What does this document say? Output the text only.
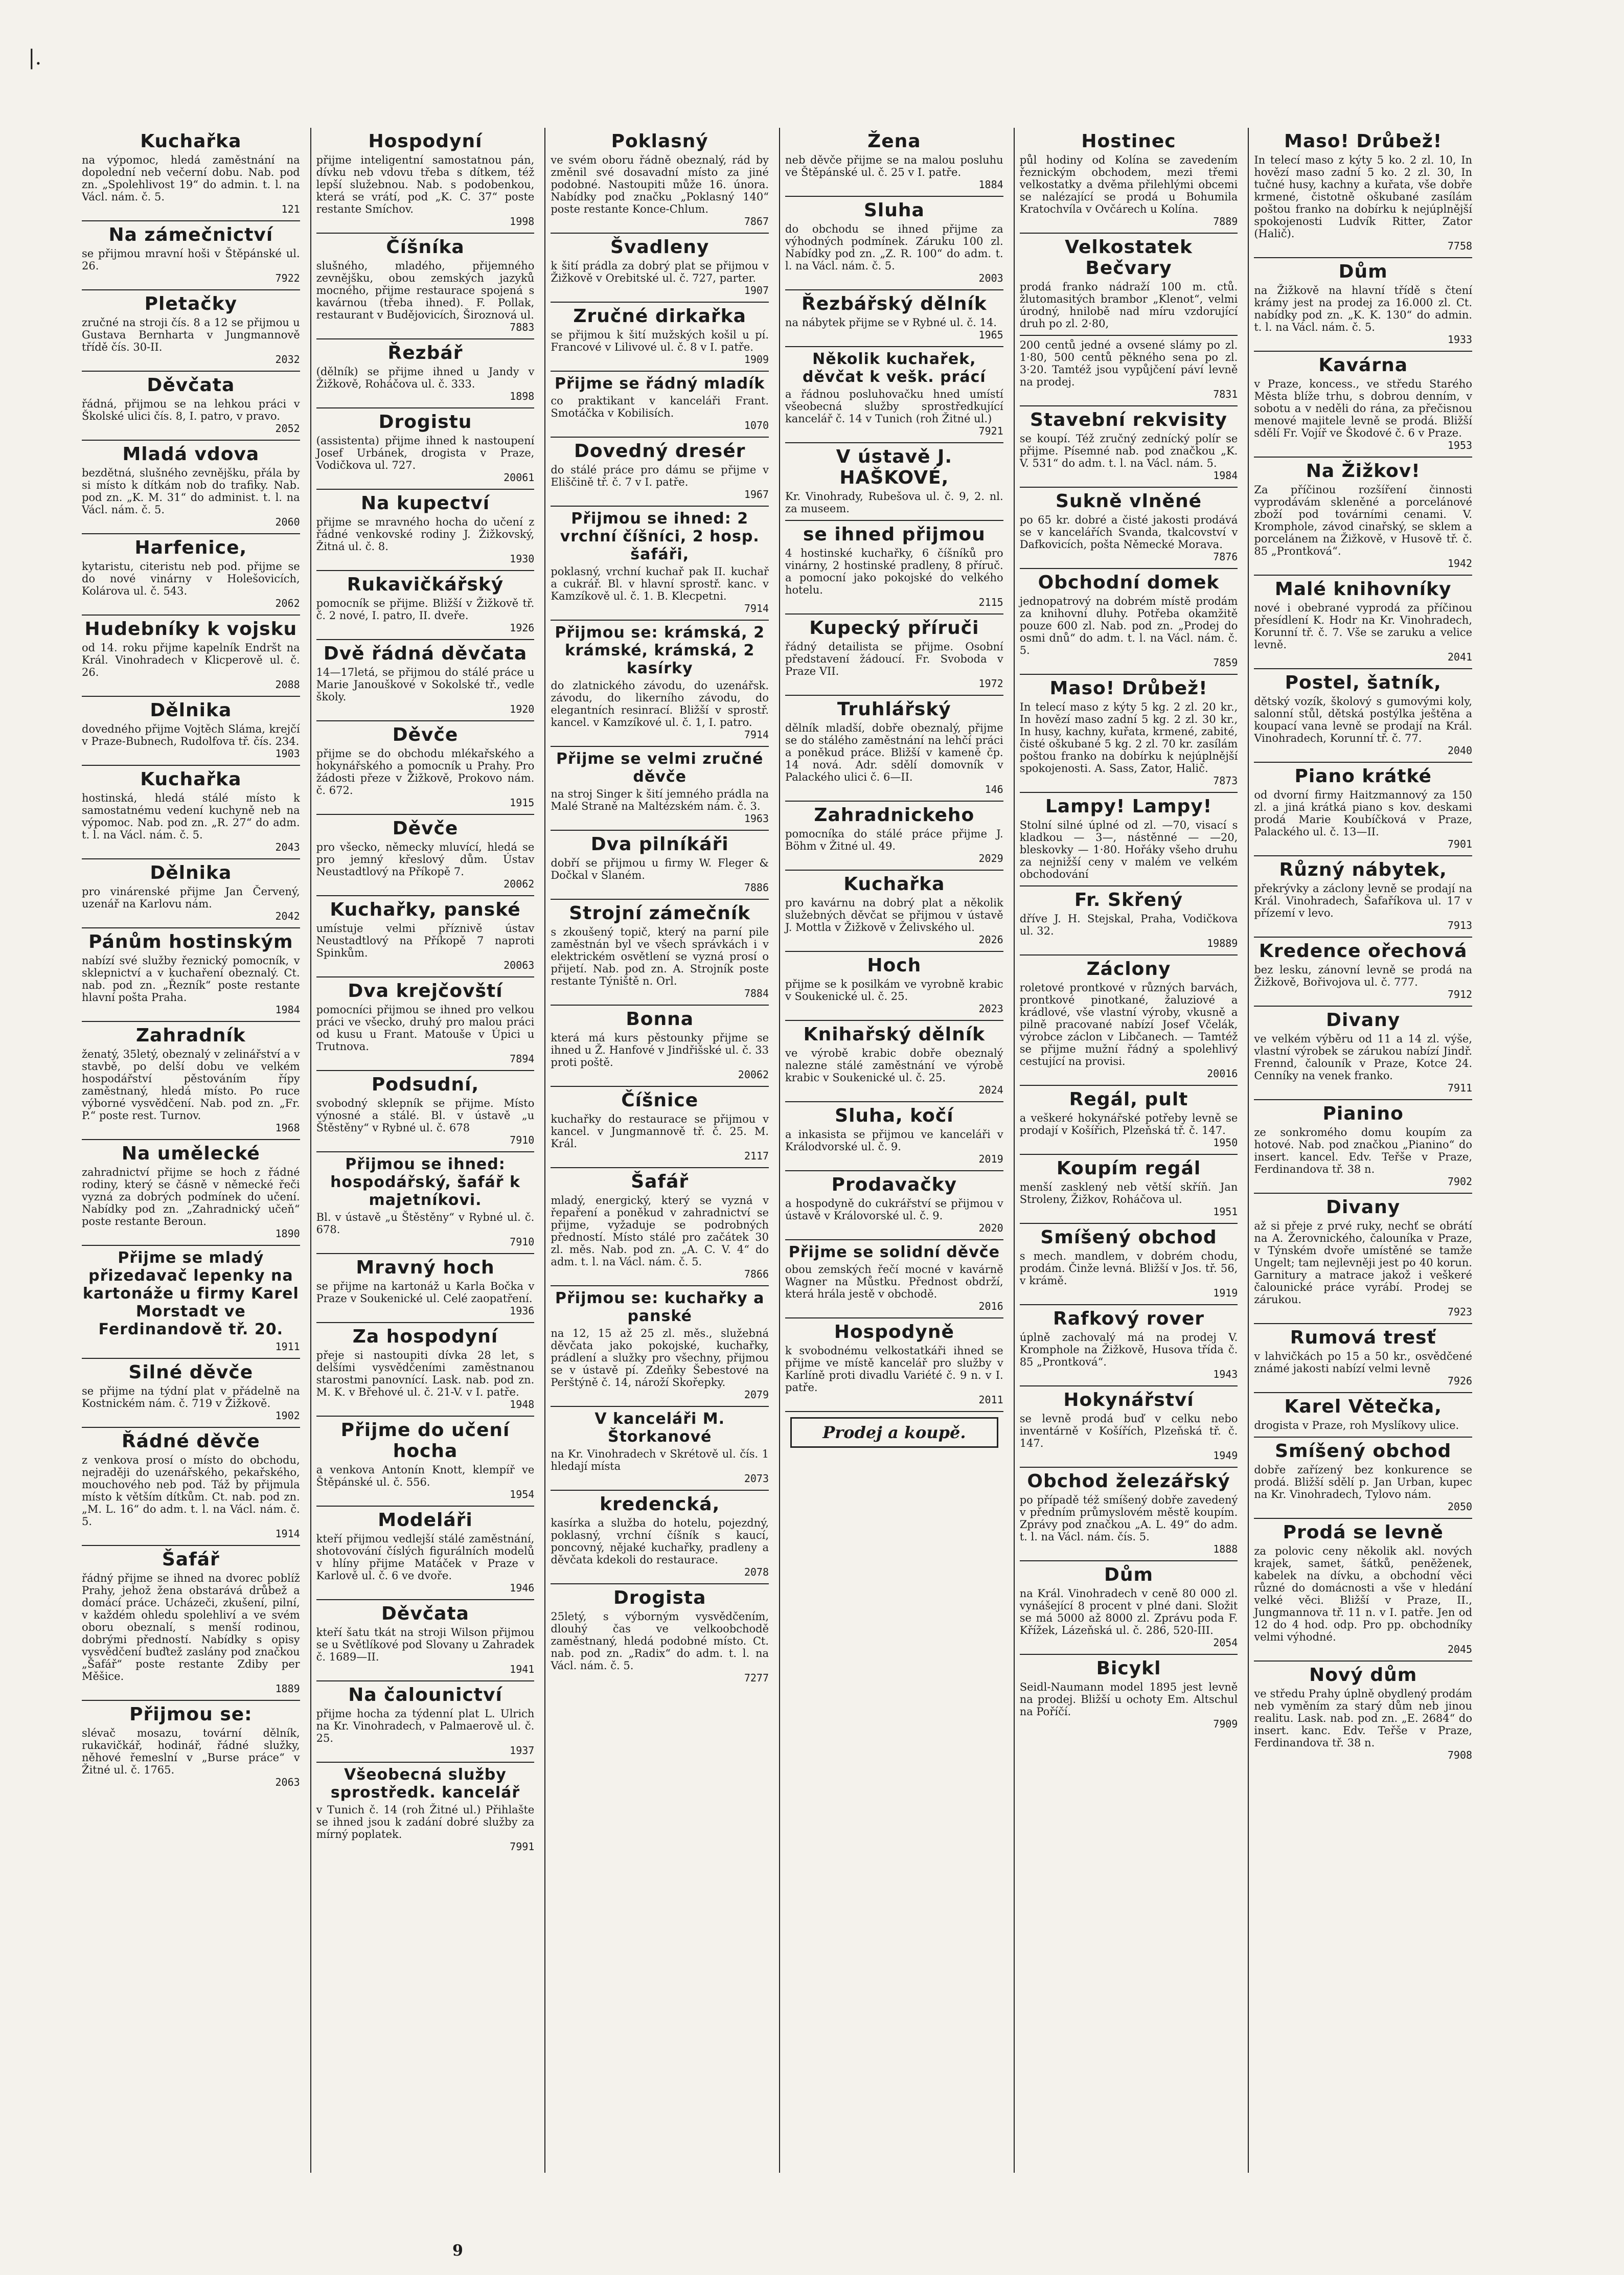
|.
Kuchařka
na výpomoc, hledá zaměstnání na dopolední neb večerní dobu. Nab. pod zn. „Spolehlivost 19“ do admin. t. l. na Václ. nám. č. 5.
121
Na zámečnictví
se přijmou mravní hoši v Štěpánské ul. 26.
7922
Pletačky
zručné na stroji čís. 8 a 12 se přijmou u Gustava Bernharta v Jungmannově třídě čís. 30-II.
2032
Děvčata
řádná, přijmou se na lehkou práci v Školské ulici čís. 8, I. patro, v pravo.
2052
Mladá vdova
bezdětná, slušného zevnějšku, přála by si místo k dítkám nob do trafiky. Nab. pod zn. „K. M. 31“ do administ. t. l. na Václ. nám. č. 5.
2060
Harfenice,
kytaristu, citeristu neb pod. přijme se do nové vinárny v Holešovicích, Kolárova ul. č. 543.
2062
Hudebníky k vojsku
od 14. roku přijme kapelník Endršt na Král. Vinohradech v Klicperově ul. č. 26.
2088
Dělnika
dovedného přijme Vojtěch Sláma, krejčí v Praze-Bubnech, Rudolfova tř. čís. 234.
1903
Kuchařka
hostinská, hledá stálé místo k samostatnému vedení kuchyně neb na výpomoc. Nab. pod zn. „R. 27“ do adm. t. l. na Václ. nám. č. 5.
2043
Dělnika
pro vinárenské přijme Jan Červený, uzenář na Karlovu nám.
2042
Pánům hostinským
nabízí své služby řeznický pomocník, v sklepnictví a v kuchaření obeznalý. Ct. nab. pod zn. „Řezník“ poste restante hlavní pošta Praha.
1984
Zahradník
ženatý, 35letý, obeznalý v zelinářství a v stavbě, po delší dobu ve velkém hospodářství pěstováním řípy zaměstnaný, hledá místo. Po ruce výborné vysvědčení. Nab. pod zn. „Fr. P.“ poste rest. Turnov.
1968
Na umělecké
zahradnictví přijme se hoch z řádné rodiny, který se čásně v německé řeči vyzná za dobrých podmínek do učení. Nabídky pod zn. „Zahradnický učeň“ poste restante Beroun.
1890
Přijme se mladý přizedavač lepenky na kartonáže u firmy Karel Morstadt ve Ferdinandově tř. 20.
1911
Silné děvče
se přijme na týdní plat v přádelně na Kostnickém nám. č. 719 v Žižkově.
1902
Řádné děvče
z venkova prosí o místo do obchodu, nejraději do uzenářského, pekařského, mouchového neb pod. Táž by přijmula místo k větším dítkům. Ct. nab. pod zn. „M. L. 16“ do adm. t. l. na Václ. nám. č. 5.
1914
Šafář
řádný přijme se ihned na dvorec poblíž Prahy, jehož žena obstarává drůbež a domácí práce. Ucházeči, zkušení, pilní, v každém ohledu spolehliví a ve svém oboru obeznalí, s menší rodinou, dobrými předností. Nabídky s opisy vysvědčení buďtež zaslány pod značkou „Šafář“ poste restante Zdiby per Měšice.
1889
Přijmou se:
slévač mosazu, tovární dělník, rukavičkář, hodinář, řádné služky, něhové řemeslní v „Burse práce“ v Žitné ul. č. 1765.
2063
Hospodyní
přijme inteligentní samostatnou pán, dívku neb vdovu třeba s dítkem, též lepší služebnou. Nab. s podobenkou, která se vrátí, pod „K. C. 37“ poste restante Smíchov.
1998
Číšníka
slušného, mladého, přijemného zevnějšku, obou zemských jazyků mocného, přijme restaurace spojená s kavárnou (třeba ihned). F. Pollak, restaurant v Budějovicích, Široznová ul.
7883
Řezbář
(dělník) se přijme ihned u Jandy v Žižkově, Roháčova ul. č. 333.
1898
Drogistu
(assistenta) přijme ihned k nastoupení Josef Urbánek, drogista v Praze, Vodičkova ul. 727.
20061
Na kupectví
přijme se mravného hocha do učení z řádné venkovské rodiny J. Žižkovský, Žitná ul. č. 8.
1930
Rukavičkářský
pomocník se přijme. Bližší v Žižkově tř. č. 2 nové, I. patro, II. dveře.
1926
Dvě řádná děvčata
14—17letá, se přijmou do stálé práce u Marie Janouškové v Sokolské tř., vedle školy.
1920
Děvče
přijme se do obchodu mlékařského a hokynářského a pomocník u Prahy. Pro žádosti přeze v Žižkově, Prokovo nám. č. 672.
1915
Děvče
pro všecko, německy mluvící, hledá se pro jemný křeslový dům. Ústav Neustadtlový na Příkopě 7.
20062
Kuchařky, panské
umístuje velmi příznivě ústav Neustadtlový na Příkopě 7 naproti Spinkům.
20063
Dva krejčovští
pomocníci přijmou se ihned pro velkou práci ve všecko, druhý pro malou práci od kusu u Frant. Matouše v Úpici u Trutnova.
7894
Podsudní,
svobodný sklepník se přijme. Místo výnosné a stálé. Bl. v ústavě „u Štěstěny“ v Rybné ul. č. 678
7910
Přijmou se ihned: hospodářský, šafář k majetníkovi.
Bl. v ústavě „u Štěstěny“ v Rybné ul. č. 678.
7910
Mravný hoch
se přijme na kartonáž u Karla Bočka v Praze v Soukenické ul. Celé zaopatření.
1936
Za hospodyní
přeje si nastoupiti dívka 28 let, s delšími vysvědčeními zaměstnanou starostmi panovnící. Lask. nab. pod zn. M. K. v Břehové ul. č. 21-V. v I. patře.
1948
Přijme do učení hocha
a venkova Antonín Knott, klempíř ve Štěpánské ul. č. 556.
1954
Modeláři
kteří přijmou vedlejší stálé zaměstnání, shotovování číslých figurálních modelů v hlíny přijme Matáček v Praze v Karlově ul. č. 6 ve dvoře.
1946
Děvčata
kteří šatu tkát na stroji Wilson přijmou se u Světlíkové pod Slovany u Zahradek č. 1689—II.
1941
Na čalounictví
přijme hocha za týdenní plat L. Ulrich na Kr. Vinohradech, v Palmaerově ul. č. 25.
1937
Všeobecná služby sprostředk. kancelář
v Tunich č. 14 (roh Žitné ul.) Přihlašte se ihned jsou k zadání dobré služby za mírný poplatek.
7991
Poklasný
ve svém oboru řádně obeznalý, rád by změnil své dosavadní místo za jiné podobné. Nastoupiti může 16. února. Nabídky pod značku „Poklasný 140“ poste restante Konce-Chlum.
7867
Švadleny
k šití prádla za dobrý plat se přijmou v Žižkově v Orebitské ul. č. 727, parter.
1907
Zručné dirkařka
se přijmou k šití mužských košil u pí. Francové v Lilivové ul. č. 8 v I. patře.
1909
Přijme se řádný mladík
co praktikant v kanceláři Frant. Smotáčka v Kobilisích.
1070
Dovedný dresér
do stálé práce pro dámu se přijme v Eliščině tř. č. 7 v I. patře.
1967
Přijmou se ihned: 2 vrchní číšníci, 2 hosp. šafáři,
poklasný, vrchní kuchař pak II. kuchař a cukrář. Bl. v hlavní sprostř. kanc. v Kamzíkově ul. č. 1. B. Klecpetni.
7914
Přijmou se: krámská, 2 krámské, krámská, 2 kasírky
do zlatnického závodu, do uzenářsk. závodu, do likerního závodu, do elegantních resinrací. Bližší v sprostř. kancel. v Kamzíkové ul. č. 1, I. patro.
7914
Přijme se velmi zručné děvče
na stroj Singer k šití jemného prádla na Malé Straně na Maltézském nám. č. 3.
1963
Dva pilníkáři
dobří se přijmou u firmy W. Fleger & Dočkal v Slaném.
7886
Strojní zámečník
s zkoušený topič, který na parní pile zaměstnán byl ve všech správkách i v elektrickém osvětlení se vyzná prosí o přijetí. Nab. pod zn. A. Strojník poste restante Týniště n. Orl.
7884
Bonna
která má kurs pěstounky přijme se ihned u Ž. Hanfové v Jindřišské ul. č. 33 proti poště.
20062
Číšnice
kuchařky do restaurace se přijmou v kancel. v Jungmannově tř. č. 25. M. Král.
2117
Šafář
mladý, energický, který se vyzná v řepaření a poněkud v zahradnictví se přijme, vyžaduje se podrobných předností. Místo stálé pro začátek 30 zl. měs. Nab. pod zn. „A. C. V. 4“ do adm. t. l. na Václ. nám. č. 5.
7866
Přijmou se: kuchařky a panské
na 12, 15 až 25 zl. měs., služebná děvčata jako pokojské, kuchařky, prádlení a služky pro všechny, přijmou se v ústavě pí. Zdeňky Šebestové na Perštýně č. 14, nároží Skořepky.
2079
V kanceláři M. Štorkanové
na Kr. Vinohradech v Skrétově ul. čís. 1 hledají místa
2073
kredencká,
kasírka a služba do hotelu, pojezdný, poklasný, vrchní číšník s kaucí, poncovný, nějaké kuchařky, pradleny a děvčata kdekoli do restaurace.
2078
Drogista
25letý, s výborným vysvědčením, dlouhý čas ve velkoobchodě zaměstnaný, hledá podobné místo. Ct. nab. pod zn. „Radix“ do adm. t. l. na Václ. nám. č. 5.
7277
Žena
neb děvče přijme se na malou posluhu ve Štěpánské ul. č. 25 v I. patře.
1884
Sluha
do obchodu se ihned přijme za výhodných podmínek. Záruku 100 zl. Nabídky pod zn. „Z. R. 100“ do adm. t. l. na Václ. nám. č. 5.
2003
Řezbářský dělník
na nábytek přijme se v Rybné ul. č. 14.
1965
Několik kuchařek, děvčat k vešk. prácí
a řádnou posluhovačku hned umístí všeobecná služby sprostředkující kancelář č. 14 v Tunich (roh Žitné ul.)
7921
V ústavě J. HAŠKOVÉ,
Kr. Vinohrady, Rubešova ul. č. 9, 2. nl. za museem.
se ihned přijmou
4 hostinské kuchařky, 6 číšníků pro vinárny, 2 hostinské pradleny, 8 příruč. a pomocní jako pokojské do velkého hotelu.
2115
Kupecký příruči
řádný detailista se přijme. Osobní představení žádoucí. Fr. Svoboda v Praze VII.
1972
Truhlářský
dělník mladší, dobře obeznalý, přijme se do stálého zaměstnání na lehčí práci a poněkud práce. Bližší v kameně čp. 14 nová. Adr. sdělí domovník v Palackého ulici č. 6—II.
146
Zahradnickeho
pomocníka do stálé práce přijme J. Böhm v Žitné ul. 49.
2029
Kuchařka
pro kavárnu na dobrý plat a několik služebných děvčat se přijmou v ústavě J. Mottla v Žižkově v Želivského ul.
2026
Hoch
přijme se k posilkám ve vyrobně krabic v Soukenické ul. č. 25.
2023
Knihařský dělník
ve výrobě krabic dobře obeznalý nalezne stálé zaměstnání ve výrobě krabic v Soukenické ul. č. 25.
2024
Sluha, kočí
a inkasista se přijmou ve kanceláři v Králodvorské ul. č. 9.
2019
Prodavačky
a hospodyně do cukrářství se přijmou v ústavě v Královorské ul. č. 9.
2020
Přijme se solidní děvče
obou zemských řečí mocné v kavárně Wagner na Můstku. Přednost obdrží, která hrála jestě v obchodě.
2016
Hospodyně
k svobodnému velkostatkáři ihned se přijme ve místě kancelář pro služby v Karlíně proti divadlu Variété č. 9 n. v I. patře.
2011
Prodej a koupě.
Hostinec
půl hodiny od Kolína se zavedením řeznickým obchodem, mezi třemi velkostatky a dvěma přilehlými obcemi se nalézající se prodá u Bohumila Kratochvíla v Ovčárech u Kolína.
7889
Velkostatek Bečvary
prodá franko nádraží 100 m. ctů. žlutomasitých brambor „Klenot“, velmi úrodný, hnilobě nad míru vzdorující druh po zl. 2·80,
200 centů jedné a ovsené slámy po zl. 1·80, 500 centů pěkného sena po zl. 3·20. Tamtéž jsou vypůjčení páví levně na prodej.
7831
Stavební rekvisity
se koupí. Též zručný zednícký polír se přijme. Písemné nab. pod značkou „K. V. 531“ do adm. t. l. na Václ. nám. 5.
1984
Sukně vlněné
po 65 kr. dobré a čisté jakosti prodává se v kancelářích Svanda, tkalcovství v Dafkovicích, pošta Německé Morava.
7876
Obchodní domek
jednopatrový na dobrém místě prodám za knihovní dluhy. Potřeba okamžitě pouze 600 zl. Nab. pod zn. „Prodej do osmi dnů“ do adm. t. l. na Václ. nám. č. 5.
7859
Maso! Drůbež!
In telecí maso z kýty 5 kg. 2 zl. 20 kr., In hovězí maso zadní 5 kg. 2 zl. 30 kr., In husy, kachny, kuřata, krmené, zabité, čisté oškubané 5 kg. 2 zl. 70 kr. zasílám poštou franko na dobírku k nejúplnější spokojenosti. A. Sass, Zator, Halič.
7873
Lampy! Lampy!
Stolní silné úplné od zl. —70, visací s kladkou — 3—, nástěnné — —20, bleskovky — 1·80. Hořáky všeho druhu za nejnižší ceny v malém ve velkém obchodování
Fr. Skřený
dříve J. H. Stejskal, Praha, Vodičkova ul. 32.
19889
Záclony
roletové prontkové v různých barvách, prontkové pinotkané, žaluziové a krádlové, vše vlastní výroby, vkusně a pilně pracované nabízí Josef Včelák, výrobce záclon v Libčanech. — Tamtéž se přijme mužní řádný a spolehlivý cestující na provisi.
20016
Regál, pult
a veškeré hokynářské potřeby levně se prodají v Košířich, Plzeňská tř. č. 147.
1950
Koupím regál
menší zasklený neb větší skříň. Jan Stroleny, Žižkov, Roháčova ul.
1951
Smíšený obchod
s mech. mandlem, v dobrém chodu, prodám. Činže levná. Bližší v Jos. tř. 56, v krámě.
1919
Rafkový rover
úplně zachovalý má na prodej V. Kromphole na Žižkově, Husova třída č. 85 „Prontková“.
1943
Hokynářství
se levně prodá buď v celku nebo inventárně v Košířích, Plzeňská tř. č. 147.
1949
Obchod železářský
po případě též smíšený dobře zavedený v předním průmyslovém městě koupím. Zprávy pod značkou „A. L. 49“ do adm. t. l. na Václ. nám. čís. 5.
1888
Dům
na Král. Vinohradech v ceně 80 000 zl. vynášející 8 procent v plné dani. Složit se má 5000 až 8000 zl. Zprávu poda F. Křížek, Lázeňská ul. č. 286, 520-III.
2054
Bicykl
Seidl-Naumann model 1895 jest levně na prodej. Bližší u ochoty Em. Altschul na Poříčí.
7909
Maso! Drůbež!
In telecí maso z kýty 5 ko. 2 zl. 10, In hovězí maso zadní 5 ko. 2 zl. 30, In tučné husy, kachny a kuřata, vše dobře krmené, čistotně oškubané zasílám poštou franko na dobírku k nejúplnější spokojenosti Ludvík Ritter, Zator (Halič).
7758
Dům
na Žižkově na hlavní třídě s čtení krámy jest na prodej za 16.000 zl. Ct. nabídky pod zn. „K. K. 130“ do admin. t. l. na Václ. nám. č. 5.
1933
Kavárna
v Praze, koncess., ve středu Starého Města blíže trhu, s dobrou denním, v sobotu a v neděli do rána, za přečisnou menové majitele levně se prodá. Bližší sdělí Fr. Vojíř ve Škodové č. 6 v Praze.
1953
Na Žižkov!
Za příčinou rozšíření činnosti vyprodávám skleněné a porcelánové zboží pod továrními cenami. V. Kromphole, závod cinařský, se sklem a porcelánem na Žižkově, v Husově tř. č. 85 „Prontková“.
1942
Malé knihovníky
nové i obebrané vyprodá za příčinou přesídlení K. Hodr na Kr. Vinohradech, Korunní tř. č. 7. Vše se zaruku a velice levně.
2041
Postel, šatník,
dětský vozík, školový s gumovými koly, salonní stůl, dětská postýlka ještěna a koupací vana levně se prodají na Král. Vinohradech, Korunní tř. č. 77.
2040
Piano krátké
od dvorní firmy Haitzmannový za 150 zl. a jiná krátká piano s kov. deskami prodá Marie Koubíčková v Praze, Palackého ul. č. 13—II.
7901
Různý nábytek,
překrývky a záclony levně se prodají na Král. Vinohradech, Šafaříkova ul. 17 v přízemí v levo.
7913
Kredence ořechová
bez lesku, zánovní levně se prodá na Žižkově, Bořivojova ul. č. 777.
7912
Divany
ve velkém výběru od 11 a 14 zl. výše, vlastní výrobek se zárukou nabízí Jindř. Frennd, čalouník v Praze, Kotce 24. Cenníky na venek franko.
7911
Pianino
ze sonkromého domu koupím za hotové. Nab. pod značkou „Pianino“ do insert. kancel. Edv. Teřše v Praze, Ferdinandova tř. 38 n.
7902
Divany
až si přeje z prvé ruky, nechť se obrátí na A. Žerovnického, čalouníka v Praze, v Týnském dvoře umístěné se tamže Ungelt; tam nejlevněji jest po 40 korun. Garnitury a matrace jakož i veškeré čalounické práce vyrábí. Prodej se zárukou.
7923
Rumová tresť
v lahvičkách po 15 a 50 kr., osvědčené známé jakosti nabízí velmi levně
7926
Karel Větečka,
drogista v Praze, roh Myslíkovy ulice.
Smíšený obchod
dobře zařízený bez konkurence se prodá. Bližší sdělí p. Jan Urban, kupec na Kr. Vinohradech, Tylovo nám.
2050
Prodá se levně
za polovic ceny několik akl. nových krajek, samet, šátků, peněženek, kabelek na dívku, a obchodní věci různé do domácnosti a vše v hledání velké věci. Bližší v Praze, II., Jungmannova tř. 11 n. v I. patře. Jen od 12 do 4 hod. odp. Pro pp. obchodníky velmi výhodné.
2045
Nový dům
ve středu Prahy úplně obydlený prodám neb vyměním za starý dům neb jinou realitu. Lask. nab. pod zn. „E. 2684“ do insert. kanc. Edv. Teřše v Praze, Ferdinandova tř. 38 n.
7908
9
